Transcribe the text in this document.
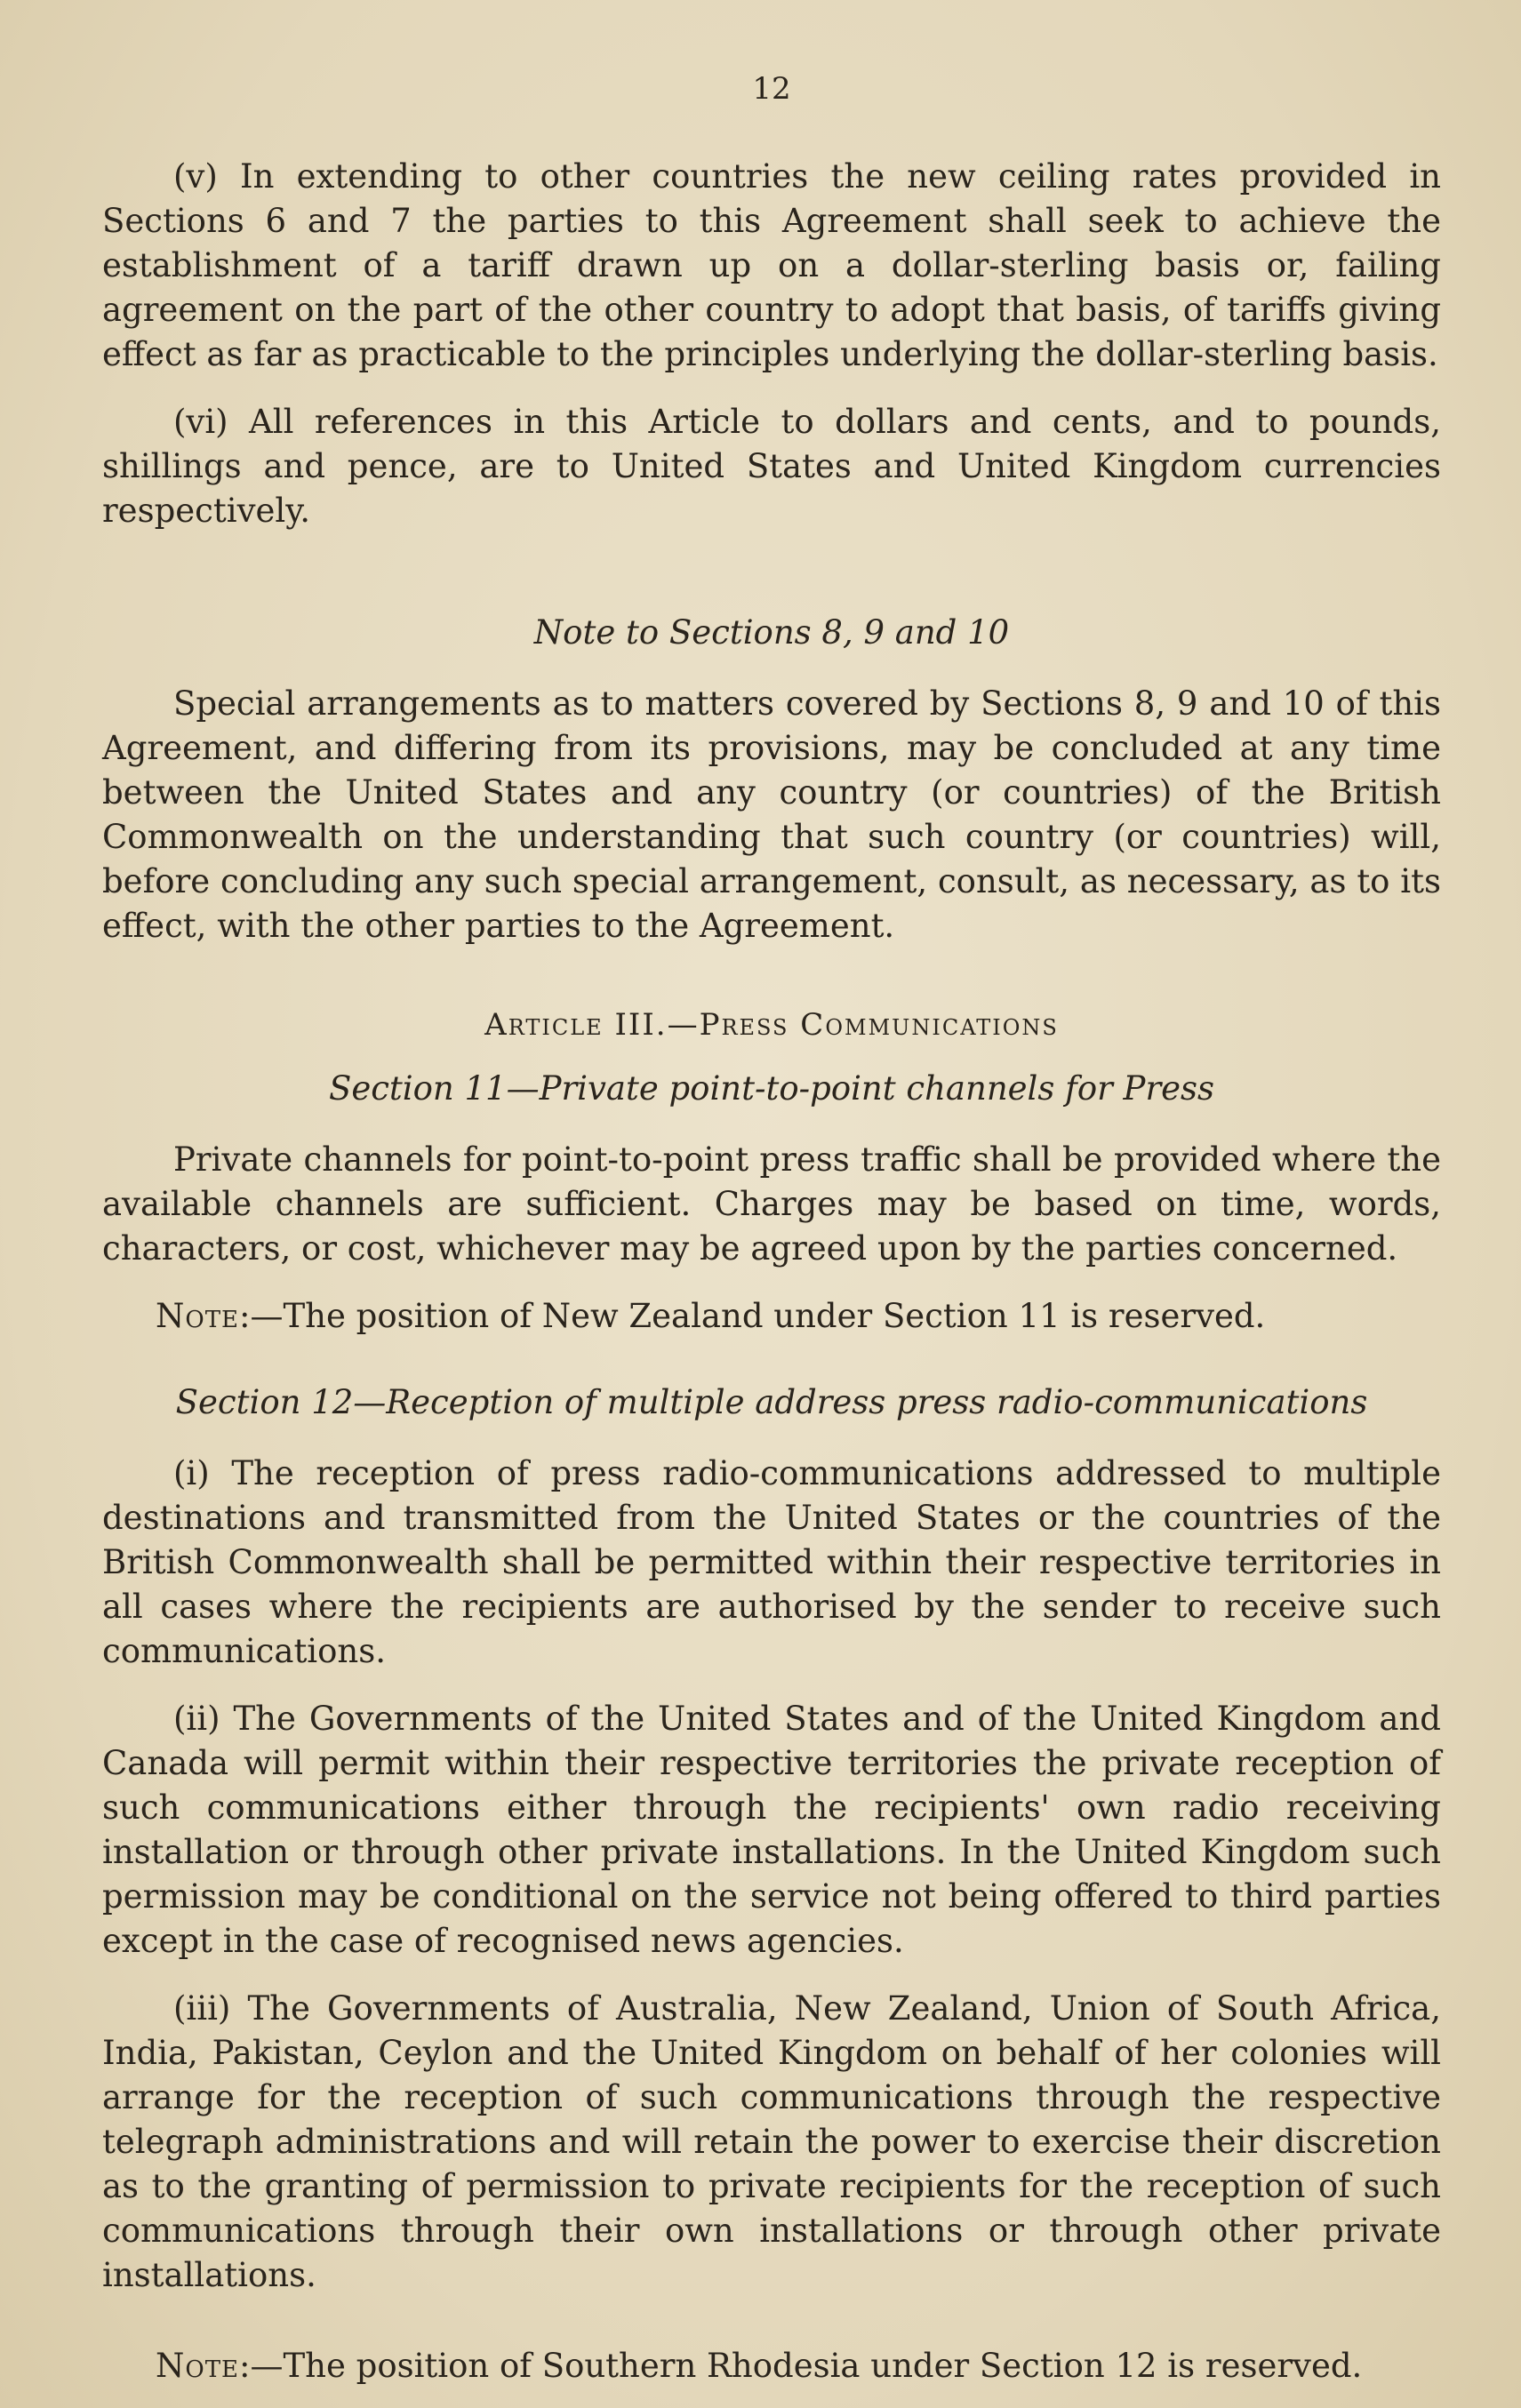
12

(v) In extending to other countries the new ceiling rates provided in Sections 6 and 7 the parties to this Agreement shall seek to achieve the establishment of a tariff drawn up on a dollar-sterling basis or, failing agreement on the part of the other country to adopt that basis, of tariffs giving effect as far as practicable to the principles underlying the dollar-sterling basis.

(vi) All references in this Article to dollars and cents, and to pounds, shillings and pence, are to United States and United Kingdom currencies respectively.

Note to Sections 8, 9 and 10

Special arrangements as to matters covered by Sections 8, 9 and 10 of this Agreement, and differing from its provisions, may be concluded at any time between the United States and any country (or countries) of the British Commonwealth on the understanding that such country (or countries) will, before concluding any such special arrangement, consult, as necessary, as to its effect, with the other parties to the Agreement.

Article III.—Press Communications
Section 11—Private point-to-point channels for Press

Private channels for point-to-point press traffic shall be provided where the available channels are sufficient. Charges may be based on time, words, characters, or cost, whichever may be agreed upon by the parties concerned.

Note:—The position of New Zealand under Section 11 is reserved.

Section 12—Reception of multiple address press radio-communications

(i) The reception of press radio-communications addressed to multiple destinations and transmitted from the United States or the countries of the British Commonwealth shall be permitted within their respective territories in all cases where the recipients are authorised by the sender to receive such communications.

(ii) The Governments of the United States and of the United Kingdom and Canada will permit within their respective territories the private reception of such communications either through the recipients' own radio receiving installation or through other private installations. In the United Kingdom such permission may be conditional on the service not being offered to third parties except in the case of recognised news agencies.

(iii) The Governments of Australia, New Zealand, Union of South Africa, India, Pakistan, Ceylon and the United Kingdom on behalf of her colonies will arrange for the reception of such communications through the respective telegraph administrations and will retain the power to exercise their discretion as to the granting of permission to private recipients for the reception of such communications through their own installations or through other private installations.

Note:—The position of Southern Rhodesia under Section 12 is reserved.
